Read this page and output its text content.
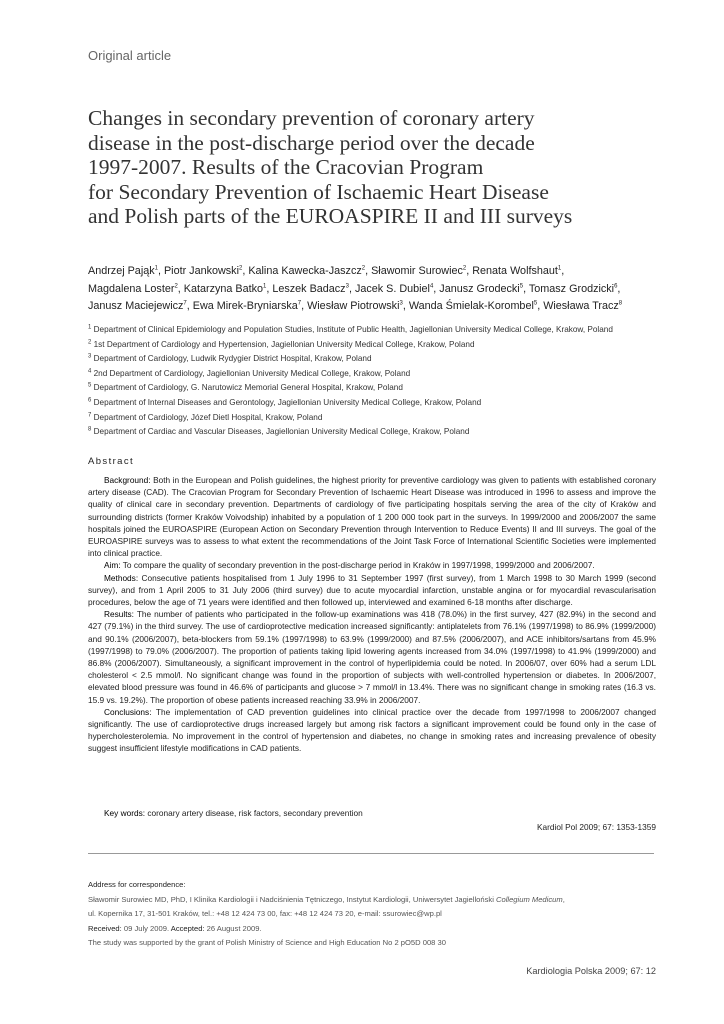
Original article
Changes in secondary prevention of coronary artery
disease in the post-discharge period over the decade
1997-2007. Results of the Cracovian Program
for Secondary Prevention of Ischaemic Heart Disease
and Polish parts of the EUROASPIRE II and III surveys
Andrzej Pająk$^1$, Piotr Jankowski$^2$, Kalina Kawecka-Jaszcz$^2$, Sławomir Surowiec$^2$, Renata Wolfshaut$^1$,
Magdalena Loster$^2$, Katarzyna Batko$^1$, Leszek Badacz$^3$, Jacek S. Dubiel$^4$, Janusz Grodecki$^5$, Tomasz Grodzicki$^6$,
Janusz Maciejewicz$^7$, Ewa Mirek-Bryniarska$^7$, Wiesław Piotrowski$^3$, Wanda Śmielak-Korombel$^5$, Wiesława Tracz$^8$
$^1$ Department of Clinical Epidemiology and Population Studies, Institute of Public Health, Jagiellonian University Medical College, Krakow, Poland
$^2$ 1st Department of Cardiology and Hypertension, Jagiellonian University Medical College, Krakow, Poland
$^3$ Department of Cardiology, Ludwik Rydygier District Hospital, Krakow, Poland
$^4$ 2nd Department of Cardiology, Jagiellonian University Medical College, Krakow, Poland
$^5$ Department of Cardiology, G. Narutowicz Memorial General Hospital, Krakow, Poland
$^6$ Department of Internal Diseases and Gerontology, Jagiellonian University Medical College, Krakow, Poland
$^7$ Department of Cardiology, Józef Dietl Hospital, Krakow, Poland
$^8$ Department of Cardiac and Vascular Diseases, Jagiellonian University Medical College, Krakow, Poland
Abstract

Background: Both in the European and Polish guidelines, the highest priority for preventive cardiology was given to patients with established coronary artery disease (CAD). The Cracovian Program for Secondary Prevention of Ischaemic Heart Disease was introduced in 1996 to assess and improve the quality of clinical care in secondary prevention. Departments of cardiology of five participating hospitals serving the area of the city of Kraków and surrounding districts (former Kraków Voivodship) inhabited by a population of 1 200 000 took part in the surveys. In 1999/2000 and 2006/2007 the same hospitals joined the EUROASPIRE (European Action on Secondary Prevention through Intervention to Reduce Events) II and III surveys. The goal of the EUROASPIRE surveys was to assess to what extent the recommendations of the Joint Task Force of International Scientific Societies were implemented into clinical practice.

Aim: To compare the quality of secondary prevention in the post-discharge period in Kraków in 1997/1998, 1999/2000 and 2006/2007.

Methods: Consecutive patients hospitalised from 1 July 1996 to 31 September 1997 (first survey), from 1 March 1998 to 30 March 1999 (second survey), and from 1 April 2005 to 31 July 2006 (third survey) due to acute myocardial infarction, unstable angina or for myocardial revascularisation procedures, below the age of 71 years were identified and then followed up, interviewed and examined 6-18 months after discharge.

Results: The number of patients who participated in the follow-up examinations was 418 (78.0%) in the first survey, 427 (82.9%) in the second and 427 (79.1%) in the third survey. The use of cardioprotective medication increased significantly: antiplatelets from 76.1% (1997/1998) to 86.9% (1999/2000) and 90.1% (2006/2007), beta-blockers from 59.1% (1997/1998) to 63.9% (1999/2000) and 87.5% (2006/2007), and ACE inhibitors/sartans from 45.9% (1997/1998) to 79.0% (2006/2007). The proportion of patients taking lipid lowering agents increased from 34.0% (1997/1998) to 41.9% (1999/2000) and 86.8% (2006/2007). Simultaneously, a significant improvement in the control of hyperlipidemia could be noted. In 2006/07, over 60% had a serum LDL cholesterol < 2.5 mmol/l. No significant change was found in the proportion of subjects with well-controlled hypertension or diabetes. In 2006/2007, elevated blood pressure was found in 46.6% of participants and glucose > 7 mmol/l in 13.4%. There was no significant change in smoking rates (16.3 vs. 15.9 vs. 19.2%). The proportion of obese patients increased reaching 33.9% in 2006/2007.

Conclusions: The implementation of CAD prevention guidelines into clinical practice over the decade from 1997/1998 to 2006/2007 changed significantly. The use of cardioprotective drugs increased largely but among risk factors a significant improvement could be found only in the case of hypercholesterolemia. No improvement in the control of hypertension and diabetes, no change in smoking rates and increasing prevalence of obesity suggest insufficient lifestyle modifications in CAD patients.

Key words: coronary artery disease, risk factors, secondary prevention
Kardiol Pol 2009; 67: 1353-1359
Address for correspondence:
Sławomir Surowiec MD, PhD, I Klinika Kardiologii i Nadciśnienia Tętniczego, Instytut Kardiologii, Uniwersytet Jagielloński Collegium Medicum,
ul. Kopernika 17, 31-501 Kraków, tel.: +48 12 424 73 00, fax: +48 12 424 73 20, e-mail: ssurowiec@wp.pl
Received: 09 July 2009. Accepted: 26 August 2009.
The study was supported by the grant of Polish Ministry of Science and High Education No 2 pO5D 008 30
Kardiologia Polska 2009; 67: 12
